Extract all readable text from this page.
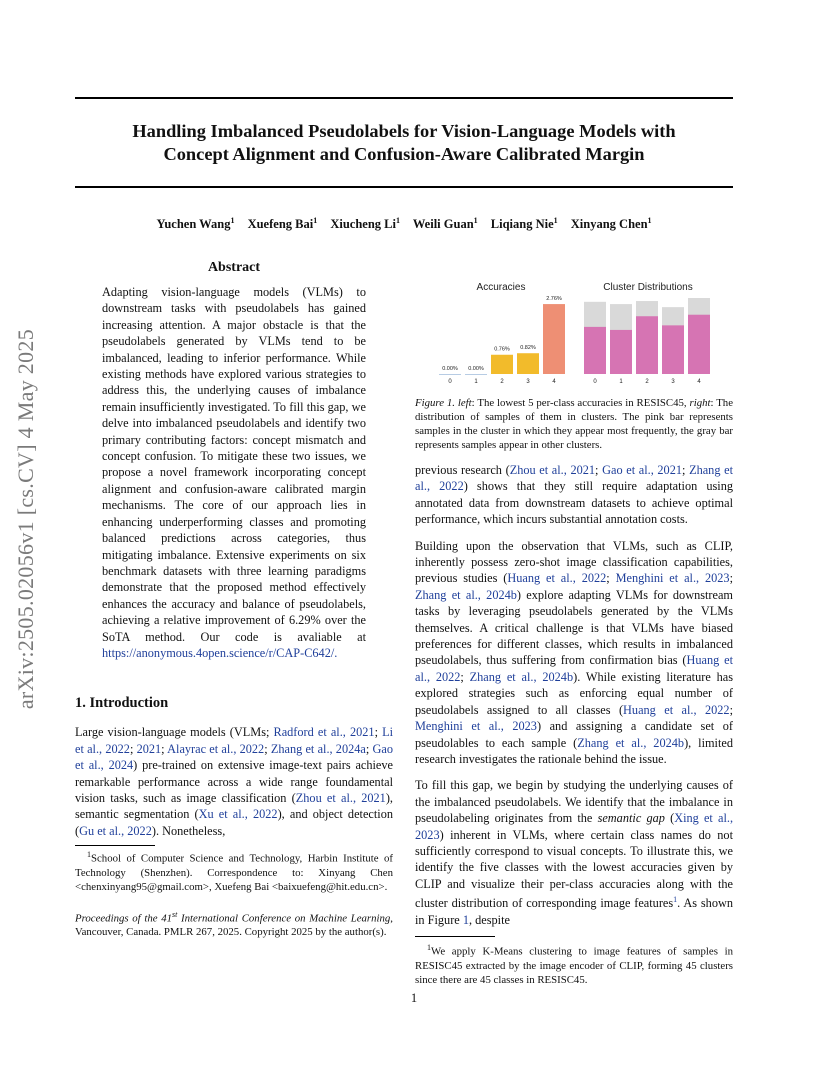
arXiv:2505.02056v1 [cs.CV] 4 May 2025
Handling Imbalanced Pseudolabels for Vision-Language Models with
Concept Alignment and Confusion-Aware Calibrated Margin
Yuchen Wang$^1$ Xuefeng Bai$^1$ Xiucheng Li$^1$ Weili Guan$^1$ Liqiang Nie$^1$ Xinyang Chen$^1$
Abstract

Adapting vision-language models (VLMs) to downstream tasks with pseudolabels has gained increasing attention. A major obstacle is that the pseudolabels generated by VLMs tend to be imbalanced, leading to inferior performance. While existing methods have explored various strategies to address this, the underlying causes of imbalance remain insufficiently investigated. To fill this gap, we delve into imbalanced pseudolabels and identify two primary contributing factors: concept mismatch and concept confusion. To mitigate these two issues, we propose a novel framework incorporating concept alignment and confusion-aware calibrated margin mechanisms. The core of our approach lies in enhancing underperforming classes and promoting balanced predictions across categories, thus mitigating imbalance. Extensive experiments on six benchmark datasets with three learning paradigms demonstrate that the proposed method effectively enhances the accuracy and balance of pseudolabels, achieving a relative improvement of 6.29% over the SoTA method. Our code is avaliable at https://anonymous.4open.science/r/CAP-C642/.

1. Introduction

Large vision-language models (VLMs; Radford et al., 2021; Li et al., 2022; 2021; Alayrac et al., 2022; Zhang et al., 2024a; Gao et al., 2024) pre-trained on extensive image-text pairs achieve remarkable performance across a wide range foundamental vision tasks, such as image classification (Zhou et al., 2021), semantic segmentation (Xu et al., 2022), and object detection (Gu et al., 2022). Nonetheless,

$^1$School of Computer Science and Technology, Harbin Institute of Technology (Shenzhen). Correspondence to: Xinyang Chen <chenxinyang95@gmail.com>, Xuefeng Bai <baixuefeng@hit.edu.cn>.
Proceedings of the 41st International Conference on Machine Learning, Vancouver, Canada. PMLR 267, 2025. Copyright 2025 by the author(s).
Accuracies
0.00%
0
0.00%
1
0.76%
2
0.82%
3
2.76%
4
Cluster Distributions
0	1	2	3	4
Figure 1. left: The lowest 5 per-class accuracies in RESISC45, right: The distribution of samples of them in clusters. The pink bar represents samples in the cluster in which they appear most frequently, the gray bar represents samples appear in other clusters.

previous research (Zhou et al., 2021; Gao et al., 2021; Zhang et al., 2022) shows that they still require adaptation using annotated data from downstream datasets to achieve optimal performance, which incurs substantial annotation costs.

Building upon the observation that VLMs, such as CLIP, inherently possess zero-shot image classification capabilities, previous studies (Huang et al., 2022; Menghini et al., 2023; Zhang et al., 2024b) explore adapting VLMs for downstream tasks by leveraging pseudolabels generated by the VLMs themselves. A critical challenge is that VLMs have biased preferences for different classes, which results in imbalanced pseudolabels, thus suffering from confirmation bias (Huang et al., 2022; Zhang et al., 2024b). While existing literature has explored strategies such as enforcing equal number of pseudolabels assigned to all classes (Huang et al., 2022; Menghini et al., 2023) and assigning a candidate set of pseudolables to each sample (Zhang et al., 2024b), limited research investigates the rationale behind the issue.

To fill this gap, we begin by studying the underlying causes of the imbalanced pseudolabels. We identify that the imbalance in pseudolabeling originates from the semantic gap (Xing et al., 2023) inherent in VLMs, where certain class names do not sufficiently correspond to visual concepts. To illustrate this, we identify the five classes with the lowest accuracies given by CLIP and visualize their per-class accuracies along with the cluster distribution of corresponding image features$^1$. As shown in Figure 1, despite

$^1$We apply K-Means clustering to image features of samples in RESISC45 extracted by the image encoder of CLIP, forming 45 clusters since there are 45 classes in RESISC45.
1
